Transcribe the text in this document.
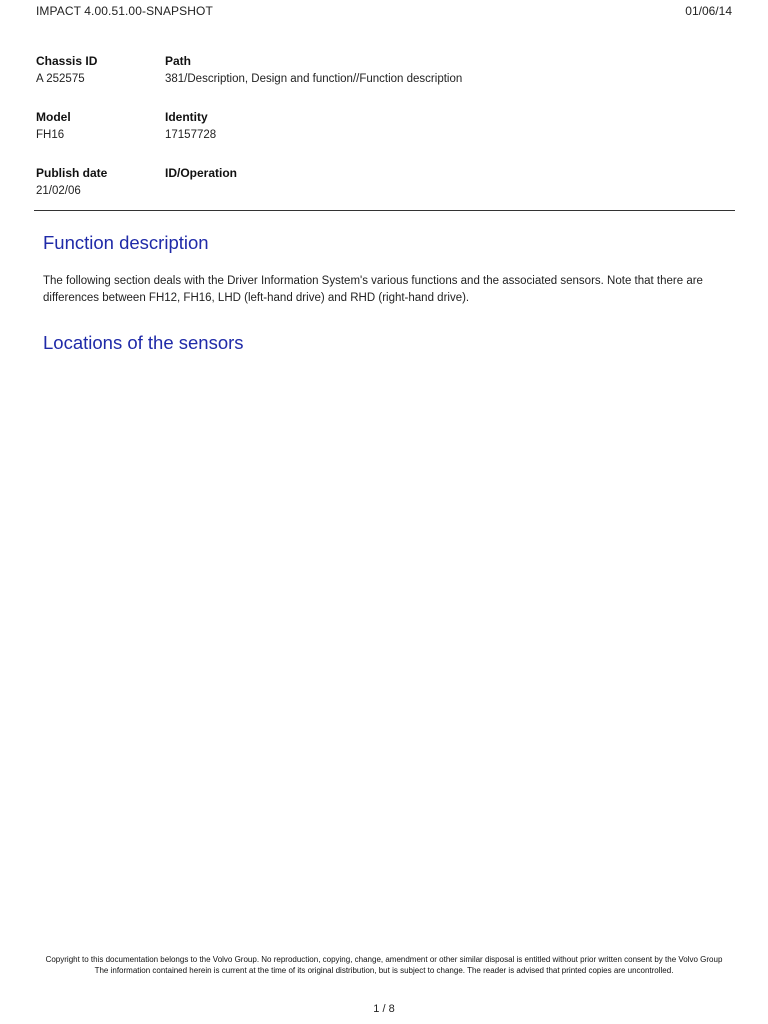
IMPACT 4.00.51.00-SNAPSHOT	01/06/14
Chassis ID
A 252575
Path
381/Description, Design and function//Function description
Model
FH16
Identity
17157728
Publish date
21/02/06
ID/Operation
Function description

The following section deals with the Driver Information System's various functions and the associated sensors. Note that there are differences between FH12, FH16, LHD (left-hand drive) and RHD (right-hand drive).

Locations of the sensors
Copyright to this documentation belongs to the Volvo Group. No reproduction, copying, change, amendment or other similar disposal is entitled without prior written consent by the Volvo Group
The information contained herein is current at the time of its original distribution, but is subject to change. The reader is advised that printed copies are uncontrolled.
1 / 8
